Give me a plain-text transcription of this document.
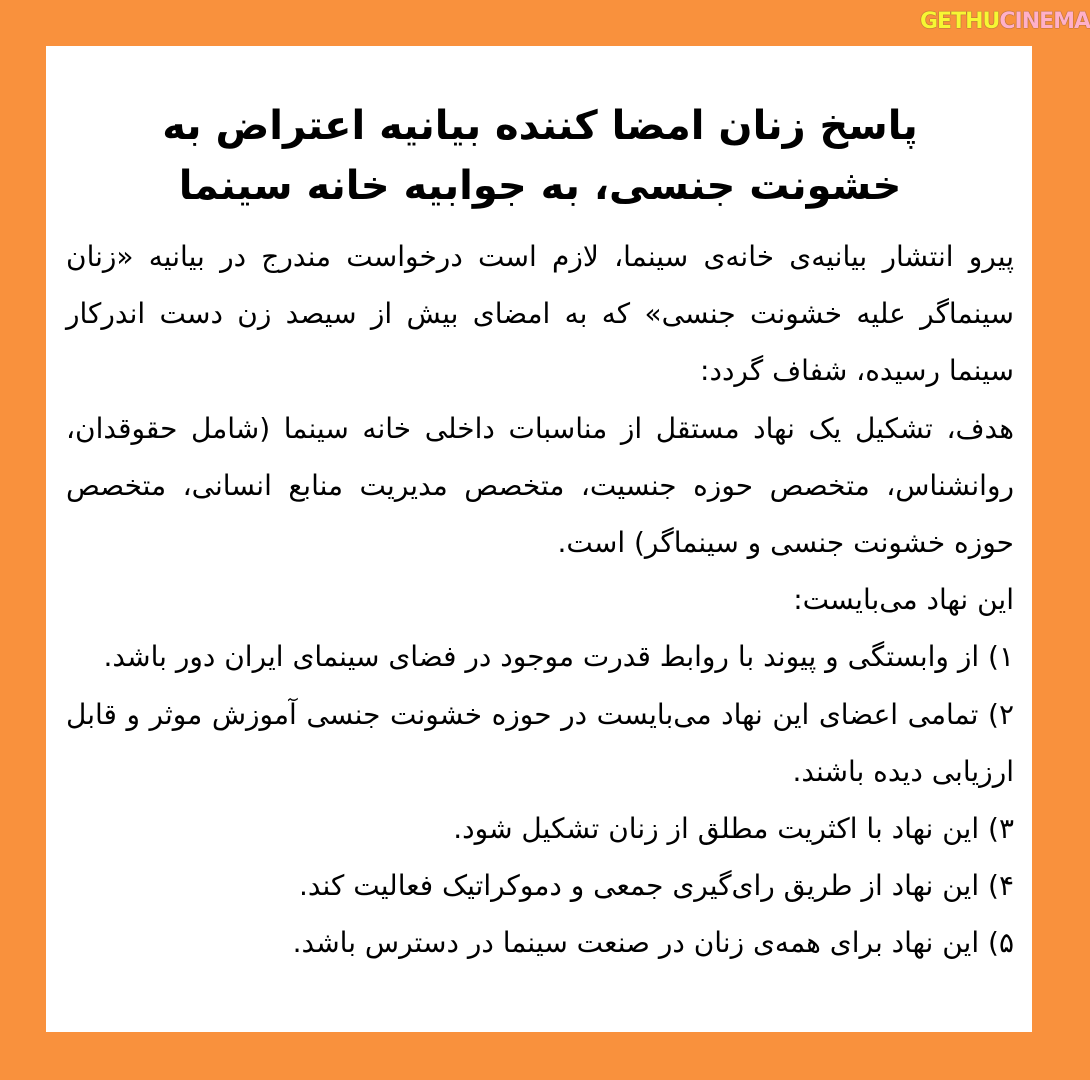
GETHU CINEMA
پاسخ زنان امضا کننده بیانیه اعتراض به خشونت جنسی، به جوابیه خانه سینما

پیرو انتشار بیانیه‌ی خانه‌ی سینما، لازم است درخواست مندرج در بیانیه «زنان سینماگر علیه خشونت جنسی» که به امضای بیش از سیصد زن دست اندرکار سینما رسیده، شفاف گردد:

هدف، تشکیل یک نهاد مستقل از مناسبات داخلی خانه سینما (شامل حقوقدان، روانشناس، متخصص حوزه جنسیت، متخصص مدیریت منابع انسانی، متخصص حوزه خشونت جنسی و سینماگر) است.

این نهاد می‌بایست:

۱) از وابستگی و پیوند با روابط قدرت موجود در فضای سینمای ایران دور باشد.

۲) تمامی اعضای این نهاد می‌بایست در حوزه خشونت جنسی آموزش موثر و قابل ارزیابی دیده باشند.

۳) این نهاد با اکثریت مطلق از زنان تشکیل شود.

۴) این نهاد از طریق رای‌گیری جمعی و دموکراتیک فعالیت کند.

۵) این نهاد برای همه‌ی زنان در صنعت سینما در دسترس باشد.
